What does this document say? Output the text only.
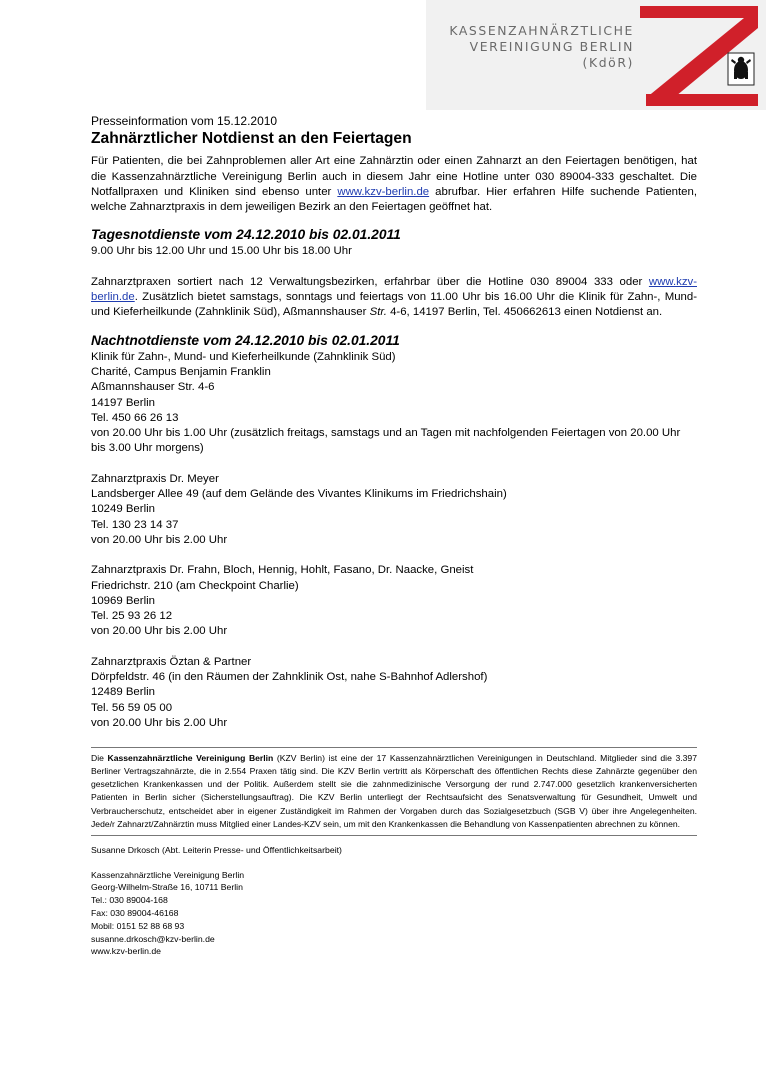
KASSENZAHNÄRZTLICHE
VEREINIGUNG BERLIN
(KdöR)

Presseinformation vom 15.12.2010

Zahnärztlicher Notdienst an den Feiertagen

Für Patienten, die bei Zahnproblemen aller Art eine Zahnärztin oder einen Zahnarzt an den Feiertagen benötigen, hat die Kassenzahnärztliche Vereinigung Berlin auch in diesem Jahr eine Hotline unter 030 89004-333 geschaltet. Die Notfallpraxen und Kliniken sind ebenso unter www.kzv-berlin.de abrufbar. Hier erfahren Hilfe suchende Patienten, welche Zahnarztpraxis in dem jeweiligen Bezirk an den Feiertagen geöffnet hat.

Tagesnotdienste vom 24.12.2010 bis 02.01.2011

9.00 Uhr bis 12.00 Uhr und 15.00 Uhr bis 18.00 Uhr

Zahnarztpraxen sortiert nach 12 Verwaltungsbezirken, erfahrbar über die Hotline 030 89004 333 oder www.kzv-berlin.de. Zusätzlich bietet samstags, sonntags und feiertags von 11.00 Uhr bis 16.00 Uhr die Klinik für Zahn-, Mund- und Kieferheilkunde (Zahnklinik Süd), Aßmannshauser Str. 4-6, 14197 Berlin, Tel. 450662613 einen Notdienst an.

Nachtnotdienste vom 24.12.2010 bis 02.01.2011

Klinik für Zahn-, Mund- und Kieferheilkunde (Zahnklinik Süd)

Charité, Campus Benjamin Franklin

Aßmannshauser Str. 4-6

14197 Berlin

Tel. 450 66 26 13

von 20.00 Uhr bis 1.00 Uhr (zusätzlich freitags, samstags und an Tagen mit nachfolgenden Feiertagen von 20.00 Uhr bis 3.00 Uhr morgens)

Zahnarztpraxis Dr. Meyer

Landsberger Allee 49 (auf dem Gelände des Vivantes Klinikums im Friedrichshain)

10249 Berlin

Tel. 130 23 14 37

von 20.00 Uhr bis 2.00 Uhr

Zahnarztpraxis Dr. Frahn, Bloch, Hennig, Hohlt, Fasano, Dr. Naacke, Gneist

Friedrichstr. 210 (am Checkpoint Charlie)

10969 Berlin

Tel. 25 93 26 12

von 20.00 Uhr bis 2.00 Uhr

Zahnarztpraxis Öztan & Partner

Dörpfeldstr. 46 (in den Räumen der Zahnklinik Ost, nahe S-Bahnhof Adlershof)

12489 Berlin

Tel. 56 59 05 00

von 20.00 Uhr bis 2.00 Uhr

Die Kassenzahnärztliche Vereinigung Berlin (KZV Berlin) ist eine der 17 Kassenzahnärztlichen Vereinigungen in Deutschland. Mitglieder sind die 3.397 Berliner Vertragszahnärzte, die in 2.554 Praxen tätig sind. Die KZV Berlin vertritt als Körperschaft des öffentlichen Rechts diese Zahnärzte gegenüber den gesetzlichen Krankenkassen und der Politik. Außerdem stellt sie die zahnmedizinische Versorgung der rund 2.747.000 gesetzlich krankenversicherten Patienten in Berlin sicher (Sicherstellungsauftrag). Die KZV Berlin unterliegt der Rechtsaufsicht des Senatsverwaltung für Gesundheit, Umwelt und Verbraucherschutz, entscheidet aber in eigener Zuständigkeit im Rahmen der Vorgaben durch das Sozialgesetzbuch (SGB V) über ihre Angelegenheiten. Jede/r Zahnarzt/Zahnärztin muss Mitglied einer Landes-KZV sein, um mit den Krankenkassen die Behandlung von Kassenpatienten abrechnen zu können.

Susanne Drkosch (Abt. Leiterin Presse- und Öffentlichkeitsarbeit)

Kassenzahnärztliche Vereinigung Berlin

Georg-Wilhelm-Straße 16, 10711 Berlin

Tel.: 030 89004-168

Fax: 030 89004-46168

Mobil: 0151 52 88 68 93

susanne.drkosch@kzv-berlin.de

www.kzv-berlin.de
